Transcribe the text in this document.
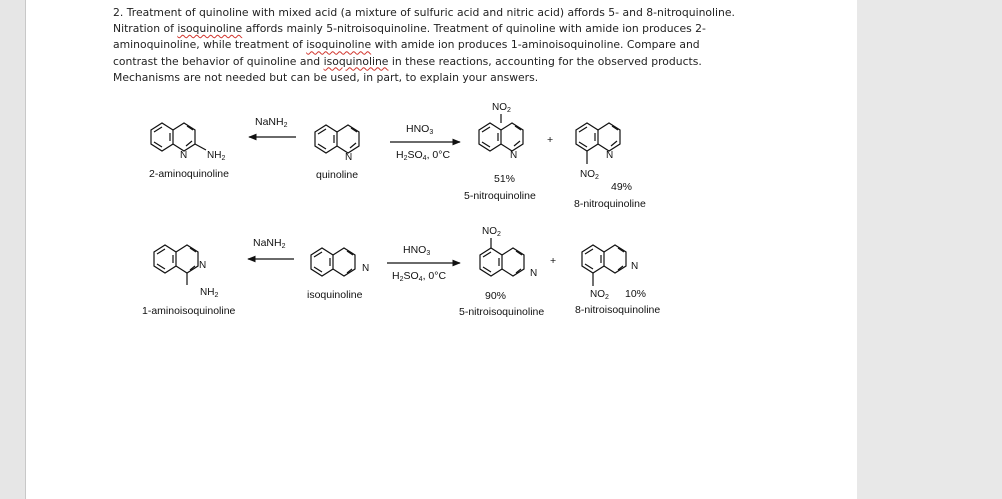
2. Treatment of quinoline with mixed acid (a mixture of sulfuric acid and nitric acid) affords 5- and 8-nitroquinoline.

Nitration of isoquinoline affords mainly 5-nitroisoquinoline. Treatment of quinoline with amide ion produces 2-

aminoquinoline, while treatment of isoquinoline with amide ion produces 1-aminoisoquinoline. Compare and

contrast the behavior of quinoline and isoquinoline in these reactions, accounting for the observed products.

Mechanisms are not needed but can be used, in part, to explain your answers.

N $NH_2$
2-aminoquinoline
NaNH2
N
quinoline
HNO3
H2SO4, 0°C
$NO_2$
N
51%
5-nitroquinoline
+
N
$NO_2$
49%
8-nitroquinoline
N
$NH_2$
1-aminoisoquinoline
NaNH2
N
isoquinoline
HNO3
H2SO4, 0°C
$NO_2$
N
90%
5-nitroisoquinoline
+	N
$NO_2$ 10%
8-nitroisoquinoline
